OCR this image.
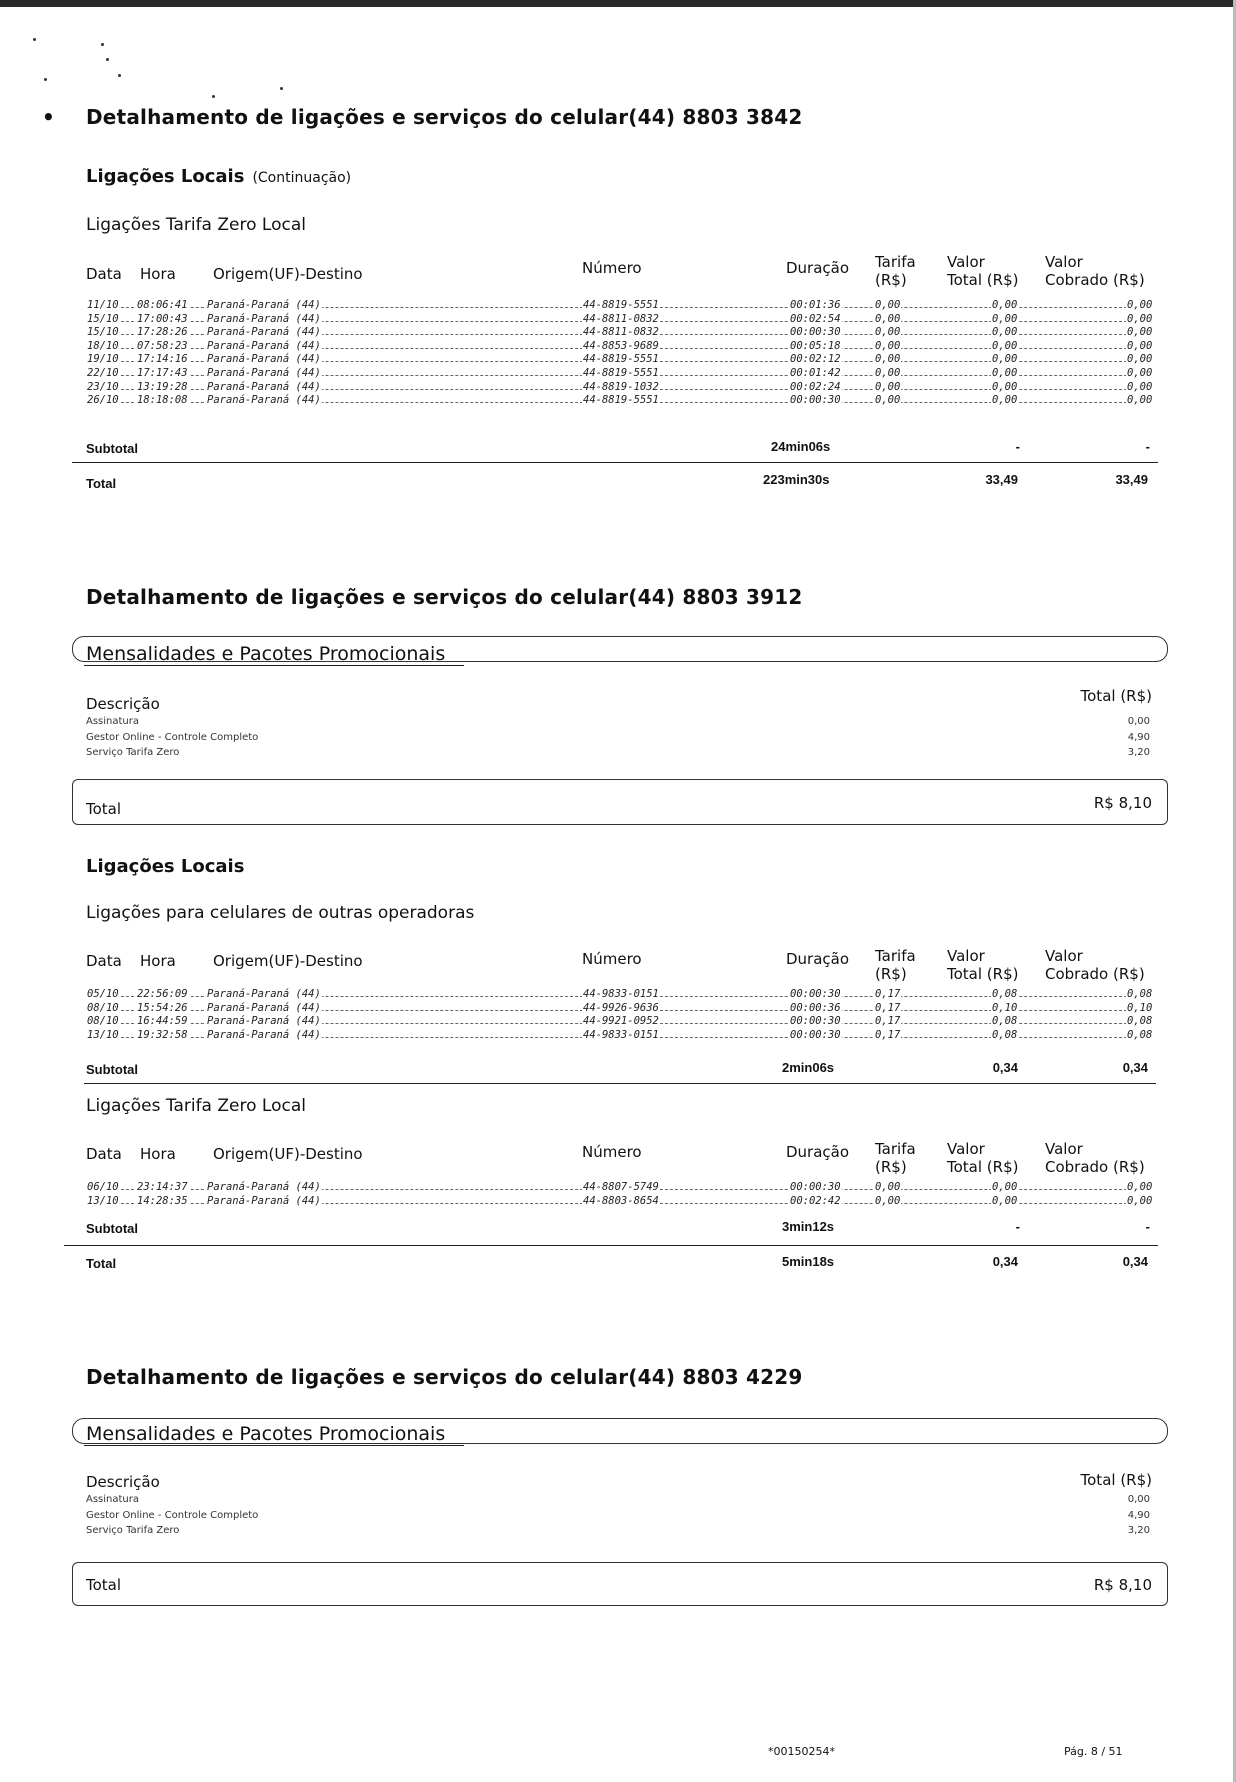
• Detalhamento de ligações e serviços do celular(44) 8803 3842
Ligações Locais (Continuação)
Ligações Tarifa Zero Local
Data Hora Origem(UF)-Destino	Número	Duração Tarifa
(R$)
Valor
Total (R$)
Valor
Cobrado (R$)
11/10 08:06:41 Paraná-Paraná (44)	44-8819-5551	00:01:36	0,00	0,00	0,00
15/10 17:00:43 Paraná-Paraná (44)	44-8811-0832	00:02:54	0,00	0,00	0,00
15/10 17:28:26 Paraná-Paraná (44)	44-8811-0832	00:00:30	0,00	0,00	0,00
18/10 07:58:23 Paraná-Paraná (44)	44-8853-9689	00:05:18	0,00	0,00	0,00
19/10 17:14:16 Paraná-Paraná (44)	44-8819-5551	00:02:12	0,00	0,00	0,00
22/10 17:17:43 Paraná-Paraná (44)	44-8819-5551	00:01:42	0,00	0,00	0,00
23/10 13:19:28 Paraná-Paraná (44)	44-8819-1032	00:02:24	0,00	0,00	0,00
26/10 18:18:08 Paraná-Paraná (44)	44-8819-5551	00:00:30	0,00	0,00	0,00
Subtotal	24min06s	-	-
Total	223min30s	33,49	33,49
Detalhamento de ligações e serviços do celular(44) 8803 3912
Mensalidades e Pacotes Promocionais
Descrição	Total (R$)
Assinatura	0,00
Gestor Online - Controle Completo	4,90
Serviço Tarifa Zero	3,20
Total	R$ 8,10
Ligações Locais
Ligações para celulares de outras operadoras
Data Hora Origem(UF)-Destino	Número	Duração Tarifa
(R$)
Valor
Total (R$)
Valor
Cobrado (R$)
05/10 22:56:09 Paraná-Paraná (44)	44-9833-0151	00:00:30	0,17	0,08	0,08
08/10 15:54:26 Paraná-Paraná (44)	44-9926-9636	00:00:36	0,17	0,10	0,10
08/10 16:44:59 Paraná-Paraná (44)	44-9921-0952	00:00:30	0,17	0,08	0,08
13/10 19:32:58 Paraná-Paraná (44)	44-9833-0151	00:00:30	0,17	0,08	0,08
Subtotal	2min06s	0,34	0,34
Ligações Tarifa Zero Local
Data Hora Origem(UF)-Destino	Número	Duração Tarifa
(R$)
Valor
Total (R$)
Valor
Cobrado (R$)
06/10 23:14:37 Paraná-Paraná (44)	44-8807-5749	00:00:30	0,00	0,00	0,00
13/10 14:28:35 Paraná-Paraná (44)	44-8803-8654	00:02:42	0,00	0,00	0,00
Subtotal	3min12s	-	-
Total	5min18s	0,34	0,34
Detalhamento de ligações e serviços do celular(44) 8803 4229
Mensalidades e Pacotes Promocionais
Descrição	Total (R$)
Assinatura	0,00
Gestor Online - Controle Completo	4,90
Serviço Tarifa Zero	3,20
Total	R$ 8,10
*00150254*	Pág. 8 / 51
